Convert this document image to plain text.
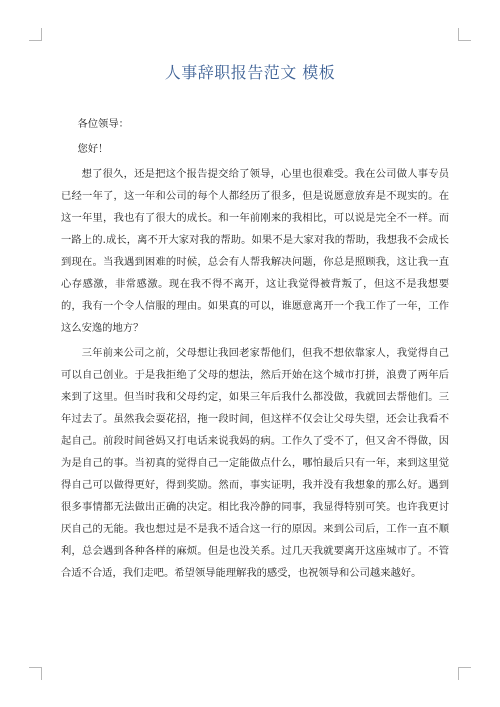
人事辞职报告范文 模板

各位领导：

您好！

想了很久，还是把这个报告提交给了领导，心里也很难受。我在公司做人事专员已经一年了，这一年和公司的每个人都经历了很多，但是说愿意放弃是不现实的。在这一年里，我也有了很大的成长。和一年前刚来的我相比，可以说是完全不一样。而一路上的.成长，离不开大家对我的帮助。如果不是大家对我的帮助，我想我不会成长到现在。当我遇到困难的时候，总会有人帮我解决问题，你总是照顾我，这让我一直心存感激，非常感激。现在我不得不离开，这让我觉得被背叛了，但这不是我想要的，我有一个令人信服的理由。如果真的可以，谁愿意离开一个我工作了一年，工作这么安逸的地方？

三年前来公司之前，父母想让我回老家帮他们，但我不想依靠家人，我觉得自己可以自己创业。于是我拒绝了父母的想法，然后开始在这个城市打拼，浪费了两年后来到了这里。但当时我和父母约定，如果三年后我什么都没做，我就回去帮他们。三年过去了。虽然我会耍花招，拖一段时间，但这样不仅会让父母失望，还会让我看不起自己。前段时间爸妈又打电话来说我妈的病。工作久了受不了，但又舍不得做，因为是自己的事。当初真的觉得自己一定能做点什么，哪怕最后只有一年，来到这里觉得自己可以做得更好，得到奖励。然而，事实证明，我并没有我想象的那么好。遇到很多事情都无法做出正确的决定。相比我冷静的同事，我显得特别可笑。也许我更讨厌自己的无能。我也想过是不是我不适合这一行的原因。来到公司后，工作一直不顺利，总会遇到各种各样的麻烦。但是也没关系。过几天我就要离开这座城市了。不管合适不合适，我们走吧。希望领导能理解我的感受，也祝领导和公司越来越好。
